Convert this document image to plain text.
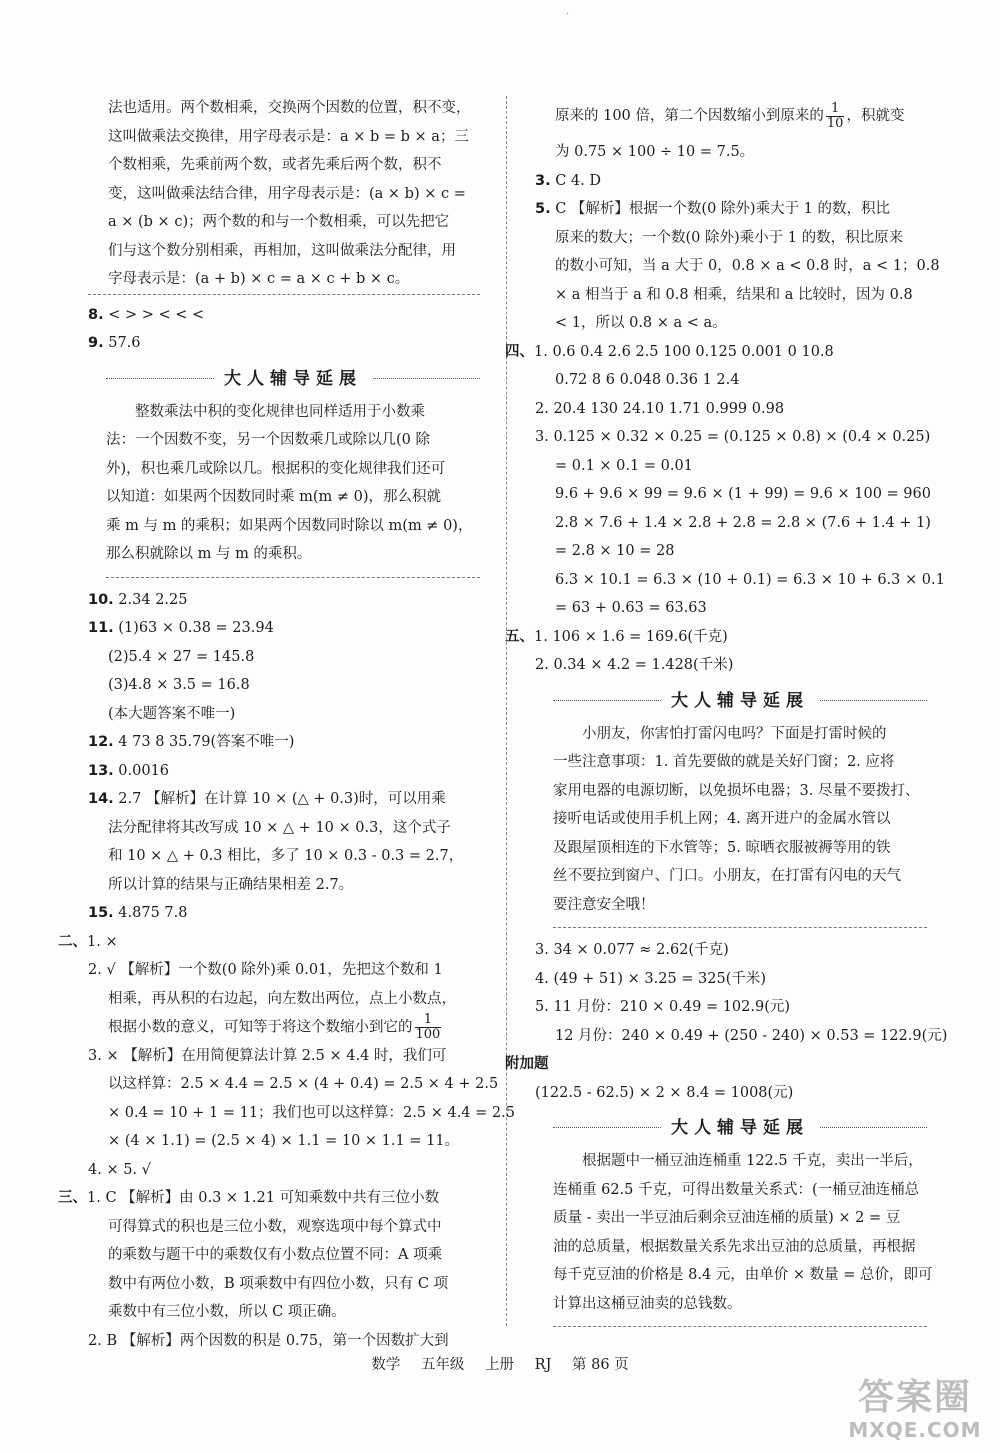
.
法也适用。两个数相乘，交换两个因数的位置，积不变，
这叫做乘法交换律，用字母表示是：a × b = b × a；三
个数相乘，先乘前两个数，或者先乘后两个数，积不
变，这叫做乘法结合律，用字母表示是：(a × b) × c =
a × (b × c)；两个数的和与一个数相乘，可以先把它
们与这个数分别相乘，再相加，这叫做乘法分配律，用
字母表示是：(a + b) × c = a × c + b × c。
8. < > > < < <
9. 57.6
大人辅导延展
　　整数乘法中积的变化规律也同样适用于小数乘
法：一个因数不变，另一个因数乘几或除以几(0 除
外)，积也乘几或除以几。根据积的变化规律我们还可
以知道：如果两个因数同时乘 m(m ≠ 0)，那么积就
乘 m 与 m 的乘积；如果两个因数同时除以 m(m ≠ 0)，
那么积就除以 m 与 m 的乘积。
10. 2.34 2.25
11. (1)63 × 0.38 = 23.94
(2)5.4 × 27 = 145.8
(3)4.8 × 3.5 = 16.8
(本大题答案不唯一)
12. 4 73 8 35.79(答案不唯一)
13. 0.0016
14. 2.7 【解析】在计算 10 × (△ + 0.3)时，可以用乘
法分配律将其改写成 10 × △ + 10 × 0.3，这个式子
和 10 × △ + 0.3 相比，多了 10 × 0.3 - 0.3 = 2.7，
所以计算的结果与正确结果相差 2.7。
15. 4.875 7.8
二、1. ×
2. √ 【解析】一个数(0 除外)乘 0.01，先把这个数和 1
相乘，再从积的右边起，向左数出两位，点上小数点，
根据小数的意义，可知等于将这个数缩小到它的 $\frac{1}{100}$
3. × 【解析】在用简便算法计算 2.5 × 4.4 时，我们可
以这样算：2.5 × 4.4 = 2.5 × (4 + 0.4) = 2.5 × 4 + 2.5
× 0.4 = 10 + 1 = 11；我们也可以这样算：2.5 × 4.4 = 2.5
× (4 × 1.1) = (2.5 × 4) × 1.1 = 10 × 1.1 = 11。
4. × 5. √
三、1. C 【解析】由 0.3 × 1.21 可知乘数中共有三位小数
可得算式的积也是三位小数，观察选项中每个算式中
的乘数与题干中的乘数仅有小数点位置不同：A 项乘
数中有两位小数，B 项乘数中有四位小数，只有 C 项
乘数中有三位小数，所以 C 项正确。
2. B 【解析】两个因数的积是 0.75，第一个因数扩大到
原来的 100 倍，第二个因数缩小到原来的 $\frac{1}{10}$ ，积就变
为 0.75 × 100 ÷ 10 = 7.5。
3. C 4. D
5. C 【解析】根据一个数(0 除外)乘大于 1 的数，积比
原来的数大；一个数(0 除外)乘小于 1 的数，积比原来
的数小可知，当 a 大于 0，0.8 × a < 0.8 时，a < 1；0.8
× a 相当于 a 和 0.8 相乘，结果和 a 比较时，因为 0.8
< 1，所以 0.8 × a < a。
四、1. 0.6 0.4 2.6 2.5 100 0.125 0.001 0 10.8
0.72 8 6 0.048 0.36 1 2.4
2. 20.4 130 24.10 1.71 0.999 0.98
3. 0.125 × 0.32 × 0.25 = (0.125 × 0.8) × (0.4 × 0.25)
= 0.1 × 0.1 = 0.01
9.6 + 9.6 × 99 = 9.6 × (1 + 99) = 9.6 × 100 = 960
2.8 × 7.6 + 1.4 × 2.8 + 2.8 = 2.8 × (7.6 + 1.4 + 1)
= 2.8 × 10 = 28
6.3 × 10.1 = 6.3 × (10 + 0.1) = 6.3 × 10 + 6.3 × 0.1
= 63 + 0.63 = 63.63
五、1. 106 × 1.6 = 169.6(千克)
2. 0.34 × 4.2 = 1.428(千米)
大人辅导延展
　　小朋友，你害怕打雷闪电吗？下面是打雷时候的
一些注意事项：1. 首先要做的就是关好门窗；2. 应将
家用电器的电源切断，以免损坏电器；3. 尽量不要拨打、
接听电话或使用手机上网；4. 离开进户的金属水管以
及跟屋顶相连的下水管等；5. 晾晒衣服被褥等用的铁
丝不要拉到窗户、门口。小朋友，在打雷有闪电的天气
要注意安全哦！
3. 34 × 0.077 ≈ 2.62(千克)
4. (49 + 51) × 3.25 = 325(千米)
5. 11 月份：210 × 0.49 = 102.9(元)
12 月份：240 × 0.49 + (250 - 240) × 0.53 = 122.9(元)
附加题
(122.5 - 62.5) × 2 × 8.4 = 1008(元)
大人辅导延展
　　根据题中一桶豆油连桶重 122.5 千克，卖出一半后，
连桶重 62.5 千克，可得出数量关系式：(一桶豆油连桶总
质量 - 卖出一半豆油后剩余豆油连桶的质量) × 2 = 豆
油的总质量，根据数量关系先求出豆油的总质量，再根据
每千克豆油的价格是 8.4 元，由单价 × 数量 = 总价，即可
计算出这桶豆油卖的总钱数。
数学 五年级 上册 RJ 第 86 页
答案圈
MXQE.COM
